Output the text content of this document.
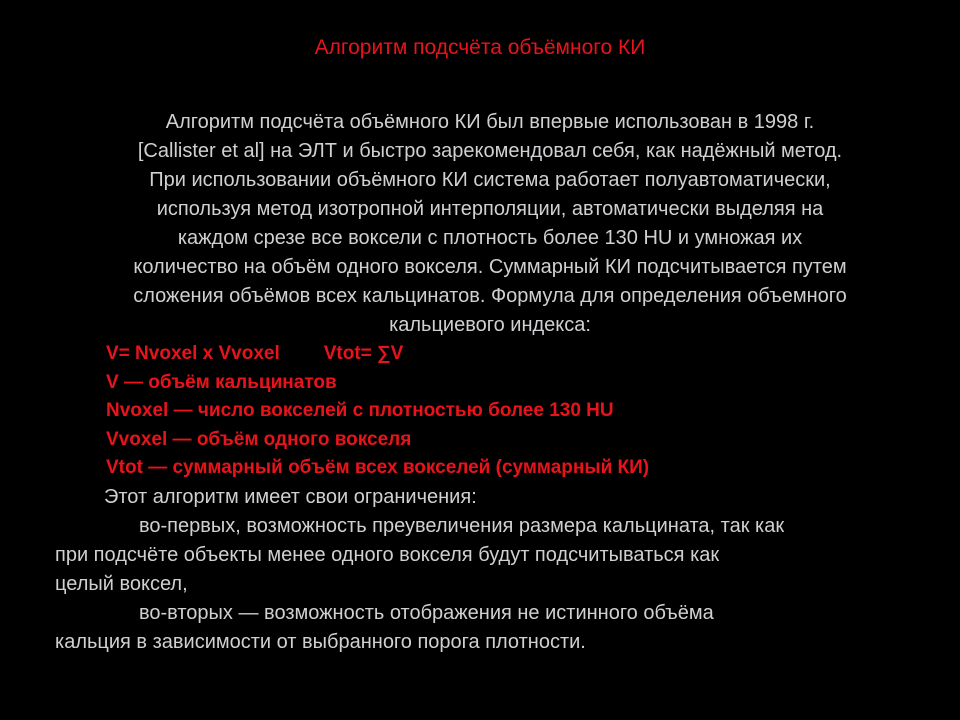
Алгоритм подсчёта объёмного КИ
Алгоритм подсчёта объёмного КИ был впервые использован в 1998 г.
[Callister et al] на ЭЛТ и быстро зарекомендовал себя, как надёжный метод.
При использовании объёмного КИ система работает полуавтоматически,
используя метод изотропной интерполяции, автоматически выделяя на
каждом срезе все воксели с плотность более 130 HU и умножая их
количество на объём одного вокселя. Суммарный КИ подсчитывается путем
сложения объёмов всех кальцинатов. Формула для определения объемного
кальциевого индекса:
V= Nvoxel x Vvoxel Vtot= ∑V
V — объём кальцинатов
Nvoxel — число вокселей с плотностью более 130 HU
Vvoxel — объём одного вокселя
Vtot — суммарный объём всех вокселей (суммарный КИ)
Этот алгоритм имеет свои ограничения:
во-первых, возможность преувеличения размера кальцината, так как
при подсчёте объекты менее одного вокселя будут подсчитываться как
целый воксел,
во-вторых — возможность отображения не истинного объёма
кальция в зависимости от выбранного порога плотности.
